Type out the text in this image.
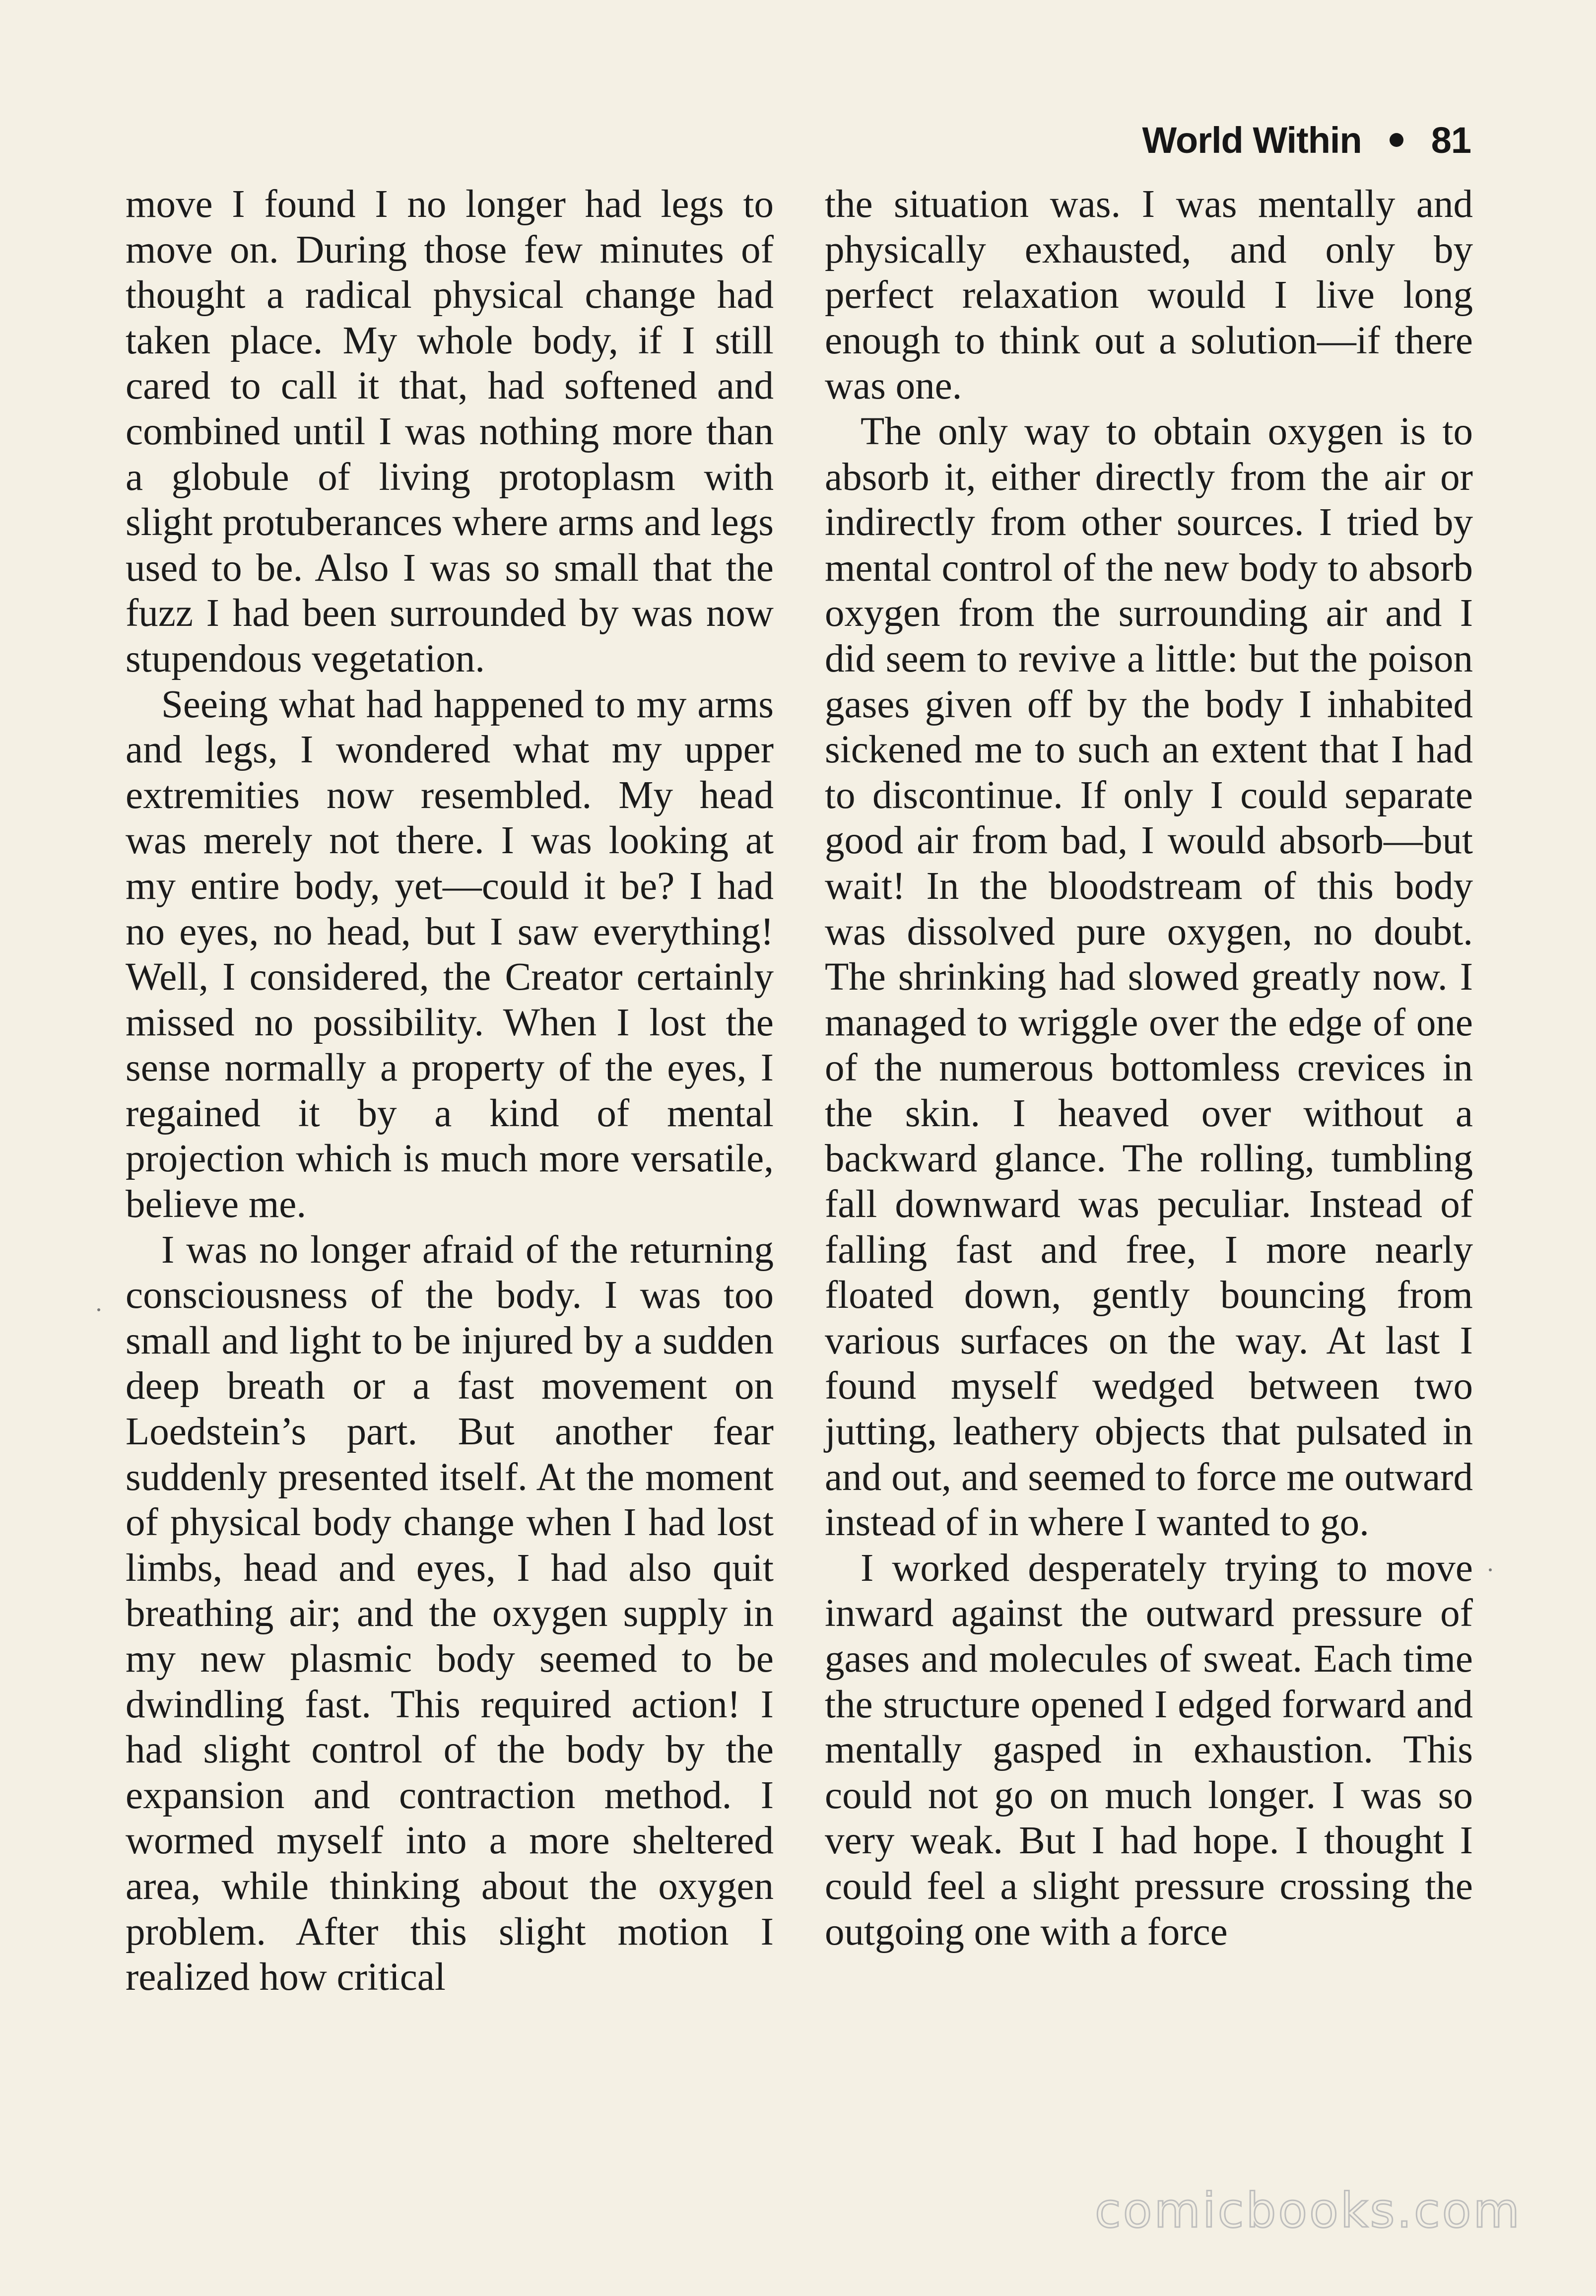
World Within 81

move I found I no longer had legs to move on. During those few minutes of thought a radical physical change had taken place. My whole body, if I still cared to call it that, had softened and combined until I was nothing more than a globule of living protoplasm with slight protuberances where arms and legs used to be. Also I was so small that the fuzz I had been surrounded by was now stupendous vegetation.

Seeing what had happened to my arms and legs, I wondered what my upper extremities now resembled. My head was merely not there. I was looking at my entire body, yet—could it be? I had no eyes, no head, but I saw everything! Well, I considered, the Creator certainly missed no possibility. When I lost the sense normally a property of the eyes, I regained it by a kind of mental projection which is much more versatile, believe me.

I was no longer afraid of the returning consciousness of the body. I was too small and light to be injured by a sudden deep breath or a fast movement on Loedstein’s part. But another fear suddenly presented itself. At the moment of physical body change when I had lost limbs, head and eyes, I had also quit breathing air; and the oxygen supply in my new plasmic body seemed to be dwindling fast. This required action! I had slight control of the body by the expansion and contraction method. I wormed myself into a more sheltered area, while thinking about the oxygen problem. After this slight motion I realized how critical

the situation was. I was mentally and physically exhausted, and only by perfect relaxation would I live long enough to think out a solution—if there was one.

The only way to obtain oxygen is to absorb it, either directly from the air or indirectly from other sources. I tried by mental control of the new body to absorb oxygen from the surrounding air and I did seem to revive a little: but the poison gases given off by the body I inhabited sickened me to such an extent that I had to discontinue. If only I could separate good air from bad, I would absorb—but wait! In the bloodstream of this body was dissolved pure oxygen, no doubt. The shrinking had slowed greatly now. I managed to wriggle over the edge of one of the numerous bottomless crevices in the skin. I heaved over without a backward glance. The rolling, tumbling fall downward was peculiar. Instead of falling fast and free, I more nearly floated down, gently bouncing from various surfaces on the way. At last I found myself wedged between two jutting, leathery objects that pulsated in and out, and seemed to force me outward instead of in where I wanted to go.

I worked desperately trying to move inward against the outward pressure of gases and molecules of sweat. Each time the structure opened I edged forward and mentally gasped in exhaustion. This could not go on much longer. I was so very weak. But I had hope. I thought I could feel a slight pressure crossing the outgoing one with a force

comicbooks.com
